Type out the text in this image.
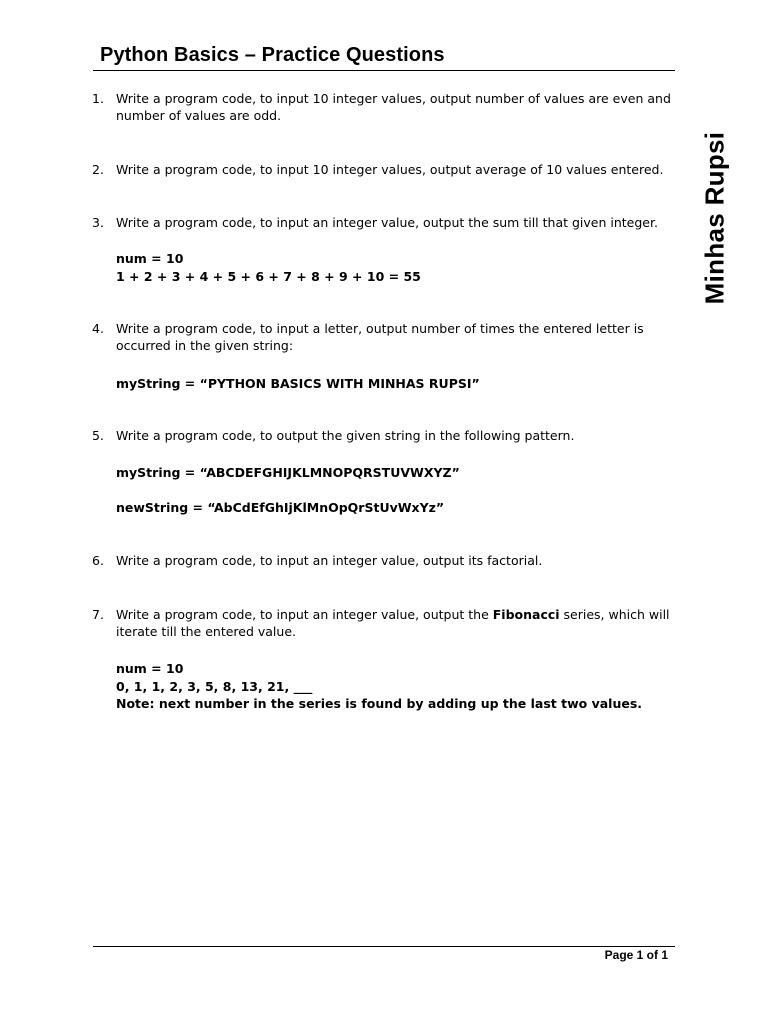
Python Basics – Practice Questions
Minhas Rupsi
1. Write a program code, to input 10 integer values, output number of values are even and number of values are odd.
2. Write a program code, to input 10 integer values, output average of 10 values entered.
3. Write a program code, to input an integer value, output the sum till that given integer.
num = 10
1 + 2 + 3 + 4 + 5 + 6 + 7 + 8 + 9 + 10 = 55
4. Write a program code, to input a letter, output number of times the entered letter is occurred in the given string:
myString = “PYTHON BASICS WITH MINHAS RUPSI”
5. Write a program code, to output the given string in the following pattern.
myString = “ABCDEFGHIJKLMNOPQRSTUVWXYZ”
newString = “AbCdEfGhIjKlMnOpQrStUvWxYz”
6. Write a program code, to input an integer value, output its factorial.
7. Write a program code, to input an integer value, output the Fibonacci series, which will iterate till the entered value.
num = 10
0, 1, 1, 2, 3, 5, 8, 13, 21, ___
Note: next number in the series is found by adding up the last two values.
Page 1 of 1
